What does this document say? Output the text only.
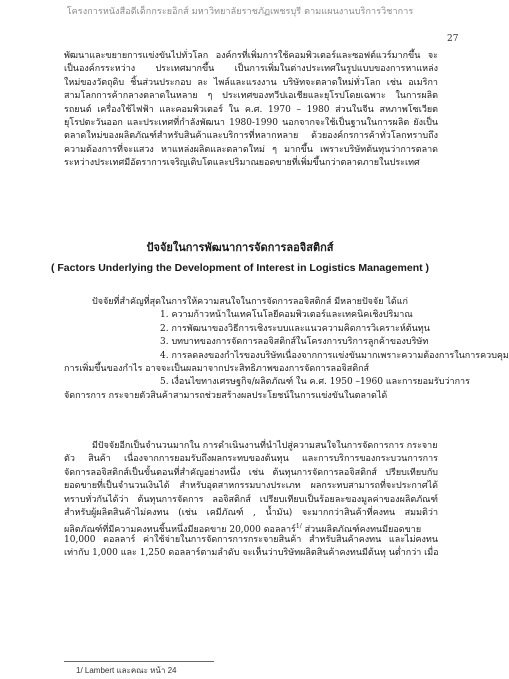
โครงการหนังสือดีเด็กกระยอิกส์ มหาวิทยาลัยราชภัฏเพชรบุรี ตามแผนงานบริการวิชาการ
27
พัฒนาและขยายการแข่งขันไปทั่วโลก องค์กรที่เพิ่มการใช้คอมพิวเตอร์และซอฟต์แวร์มากขึ้น จะ
เป็นองค์กรระหว่าง ประเทศมากขึ้น เป็นการเพิ่มในต่างประเทศในรูปแบบของการหาแหล่ง
ใหม่ของวัตถุดิบ ชิ้นส่วนประกอบ ละ ไพล์และแรงงาน บริษัทจะตลาดใหม่ทั่วโลก เช่น อเมริกา
สามโลกการค้ากลางตลาดในหลาย ๆ ประเทศของทวีปเอเชียและยุโรปโดยเฉพาะ ในการผลิต
รถยนต์ เครื่องใช้ไฟฟ้า และคอมพิวเตอร์ ใน ค.ศ. 1970 – 1980 ส่วนในจีน สหภาพโซเวียต
ยุโรปตะวันออก และประเทศที่กำลังพัฒนา 1980-1990 นอกจากจะใช้เป็นฐานในการผลิต ยังเป็น
ตลาดใหม่ของผลิตภัณฑ์สำหรับสินค้าและบริการที่หลากหลาย ด้วยองค์กรการค้าทั่วโลกทราบถึง
ความต้องการที่จะแสวง หาแหล่งผลิตและตลาดใหม่ ๆ มากขึ้น เพราะบริษัทต้นทุนว่าการตลาด
ระหว่างประเทศมีอัตราการเจริญเติบโตและปริมาณยอดขายที่เพิ่มขึ้นกว่าตลาดภายในประเทศ
ปัจจัยในการพัฒนาการจัดการลอจิสติกส์
( Factors Underlying the Development of Interest in Logistics Management )
ปัจจัยที่สำคัญที่สุดในการให้ความสนใจในการจัดการลอจิสติกส์ มีหลายปัจจัย ได้แก่
1. ความก้าวหน้าในเทคโนโลยีคอมพิวเตอร์และเทคนิคเชิงปริมาณ
2. การพัฒนาของวิธีการเชิงระบบและแนวความคิดการวิเคราะห์ต้นทุน
3. บทบาทของการจัดการลอจิสติกส์ในโครงการบริการลูกค้าของบริษัท
4. การลดลงของกำไรของบริษัทเนื่องจากการแข่งขันมากเพราะความต้องการในการควบคุม
การเพิ่มขึ้นของกำไร อาจจะเป็นผลมาจากประสิทธิภาพของการจัดการลอจิสติกส์
5. เงื่อนไขทางเศรษฐกิจ/ผลิตภัณฑ์ ใน ค.ศ. 1950 –1960 และการยอมรับว่าการ
จัดการการ กระจายตัวสินค้าสามารถช่วยสร้างผลประโยชน์ในการแข่งขันในตลาดได้
มีปัจจัยอีกเป็นจำนวนมากใน การดำเนินงานที่นำไปสู่ความสนใจในการจัดการการ กระจาย
ตัว สินค้า เนื่องจากการยอมรับถึงผลกระทบของต้นทุน และการบริการของกระบวนการการ
จัดการลอจิสติกส์เป็นขั้นตอนที่สำคัญอย่างหนึ่ง เช่น ต้นทุนการจัดการลอจิสติกส์ ปรียบเทียบกับ
ยอดขายที่เป็นจำนวนเงินได้ สำหรับอุตสาหกรรมบางประเภท ผลกระทบสามารถที่จะประกาศได้
ทราบทั่วกันได้ว่า ต้นทุนการจัดการ ลอจิสติกส์ เปรียบเทียบเป็นร้อยละของมูลค่าของผลิตภัณฑ์
สำหรับผู้ผลิตสินค้าไม่คงทน (เช่น เคมีภัณฑ์ , น้ำมัน) จะมากกว่าสินค้าที่คงทน สมมติว่า
ผลิตภัณฑ์ที่มีความคงทนชิ้นหนึ่งมียอดขาย 20,000 ดอลลาร์$^{1/}$ ส่วนผลิตภัณฑ์คงทนมียอดขาย
10,000 ดอลลาร์ ค่าใช้จ่ายในการจัดการการกระจายสินค้า สำหรับสินค้าคงทน และไม่คงทน
เท่ากับ 1,000 และ 1,250 ดอลลาร์ตามลำดับ จะเห็นว่าบริษัทผลิตสินค้าคงทนมีต้นทุ นต่ำกว่า เมื่อ
1/ Lambert และคณะ หน้า 24
